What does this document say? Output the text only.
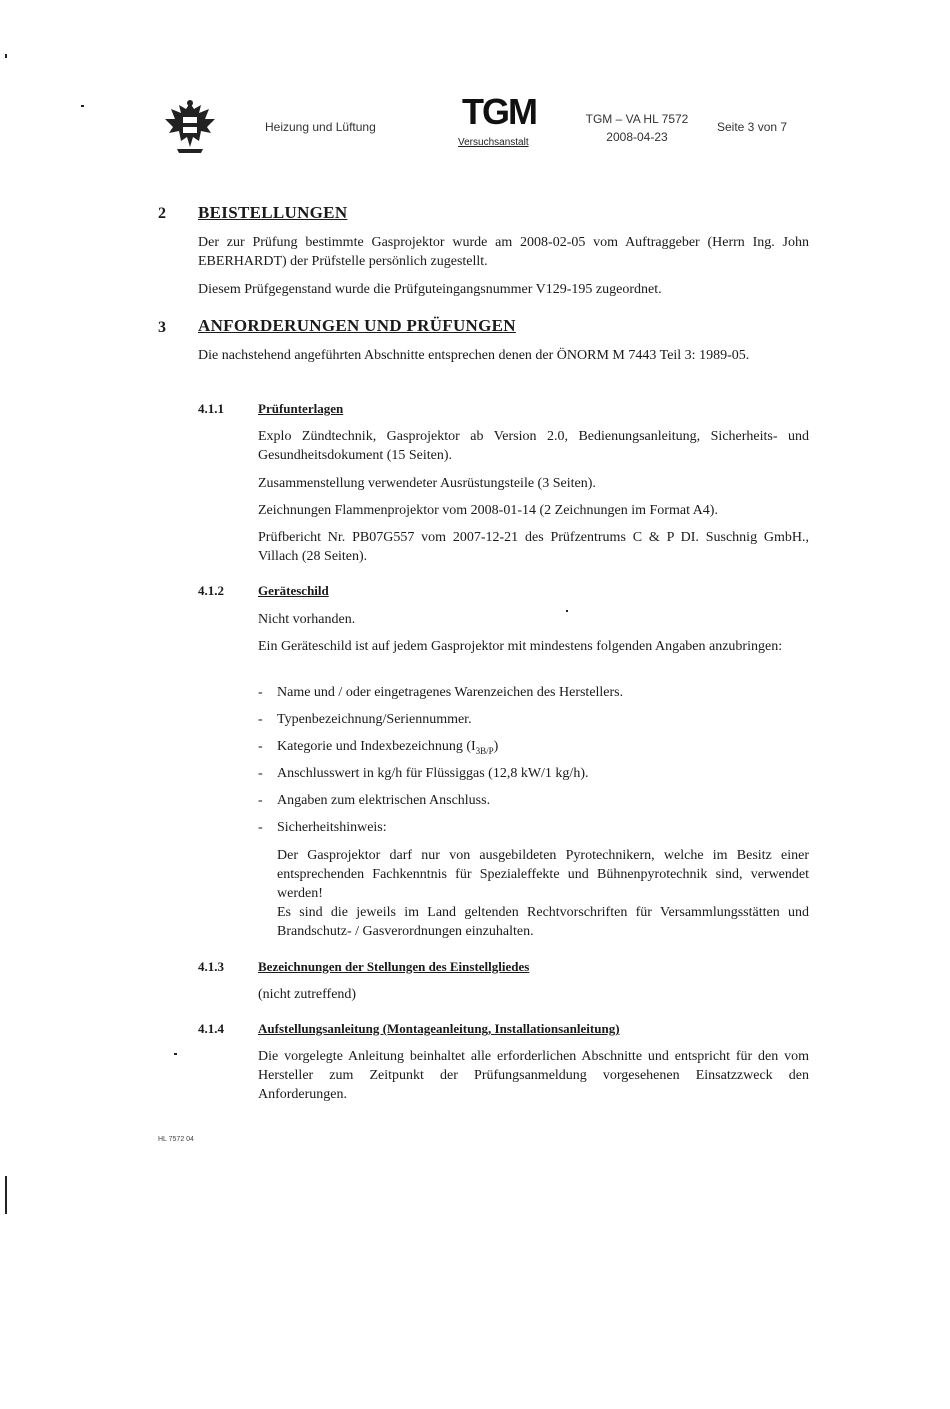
Heizung und Lüftung TGM
Versuchsanstalt
TGM – VA HL 7572
2008-04-23
Seite 3 von 7
2 BEISTELLUNGEN
Der zur Prüfung bestimmte Gasprojektor wurde am 2008-02-05 vom Auftraggeber (Herrn Ing. John EBERHARDT) der Prüfstelle persönlich zugestellt.
Diesem Prüfgegenstand wurde die Prüfguteingangsnummer V129-195 zugeordnet.
3 ANFORDERUNGEN UND PRÜFUNGEN
Die nachstehend angeführten Abschnitte entsprechen denen der ÖNORM M 7443 Teil 3: 1989-05.
4.1.1	Prüfunterlagen
Explo Zündtechnik, Gasprojektor ab Version 2.0, Bedienungsanleitung, Sicherheits- und Gesundheitsdokument (15 Seiten).
Zusammenstellung verwendeter Ausrüstungsteile (3 Seiten).
Zeichnungen Flammenprojektor vom 2008-01-14 (2 Zeichnungen im Format A4).
Prüfbericht Nr. PB07G557 vom 2007-12-21 des Prüfzentrums C & P DI. Suschnig GmbH., Villach (28 Seiten).
4.1.2	Geräteschild
Nicht vorhanden.
Ein Geräteschild ist auf jedem Gasprojektor mit mindestens folgenden Angaben anzubringen:
- Name und / oder eingetragenes Warenzeichen des Herstellers.
- Typenbezeichnung/Seriennummer.
- Kategorie und Indexbezeichnung $(I_{3B/P})$
- Anschlusswert in kg/h für Flüssiggas (12,8 kW/1 kg/h).
- Angaben zum elektrischen Anschluss.
- Sicherheitshinweis:
Der Gasprojektor darf nur von ausgebildeten Pyrotechnikern, welche im Besitz einer entsprechenden Fachkenntnis für Spezialeffekte und Bühnenpyrotechnik sind, verwendet werden!
Es sind die jeweils im Land geltenden Rechtvorschriften für Versammlungsstätten und Brandschutz- / Gasverordnungen einzuhalten.
4.1.3	Bezeichnungen der Stellungen des Einstellgliedes
(nicht zutreffend)
4.1.4	Aufstellungsanleitung (Montageanleitung, Installationsanleitung)
Die vorgelegte Anleitung beinhaltet alle erforderlichen Abschnitte und entspricht für den vom Hersteller zum Zeitpunkt der Prüfungsanmeldung vorgesehenen Einsatzzweck den Anforderungen.
HL 7572 04
